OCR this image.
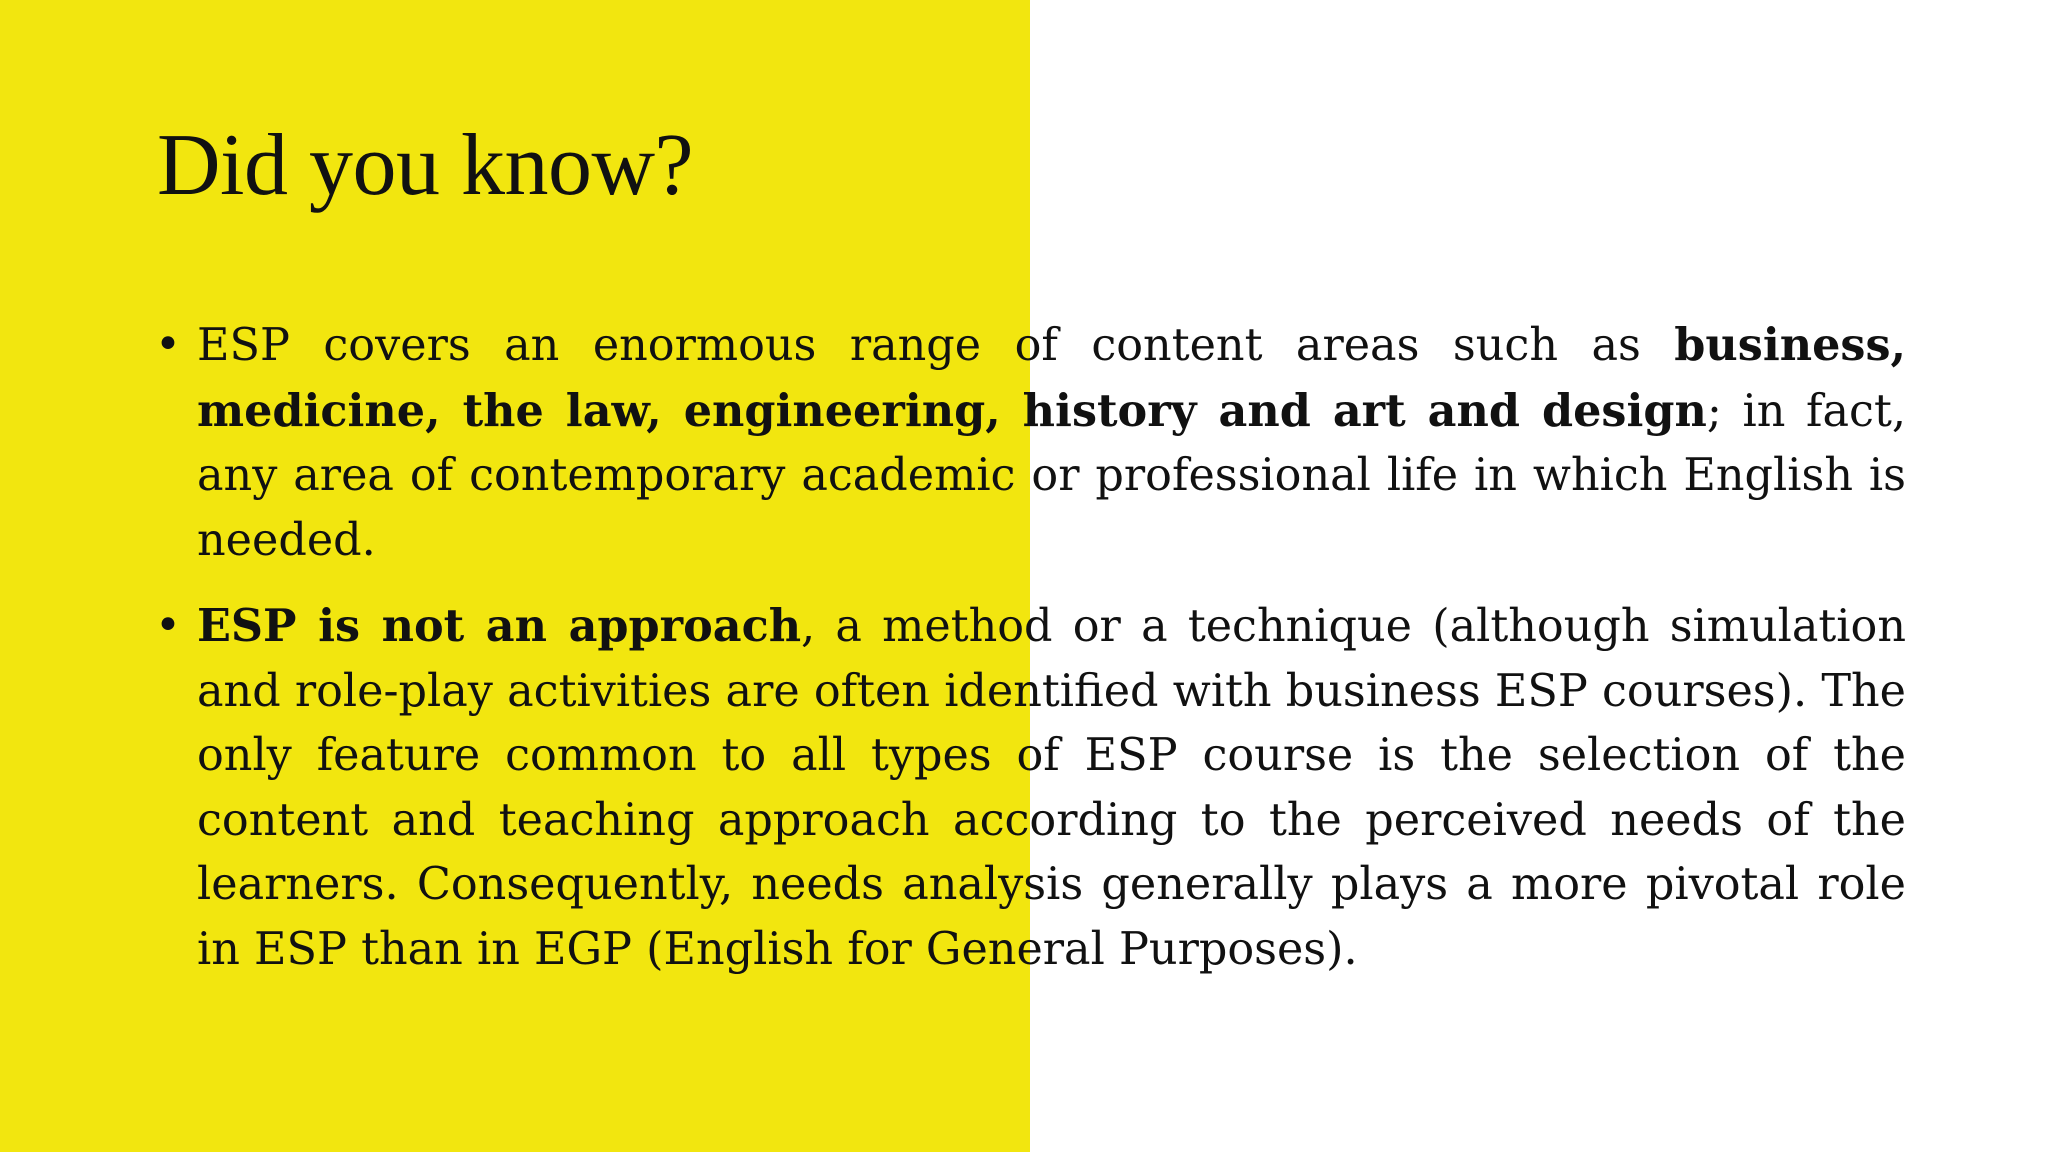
Did you know?
• ESP covers an enormous range of content areas such as business, medicine, the law, engineering, history and art and design; in fact, any area of contemporary academic or professional life in which English is needed.
• ESP is not an approach, a method or a technique (although simulation and role-play activities are often identified with business ESP courses). The only feature common to all types of ESP course is the selection of the content and teaching approach according to the perceived needs of the learners. Consequently, needs analysis generally plays a more pivotal role in ESP than in EGP (English for General Purposes).
